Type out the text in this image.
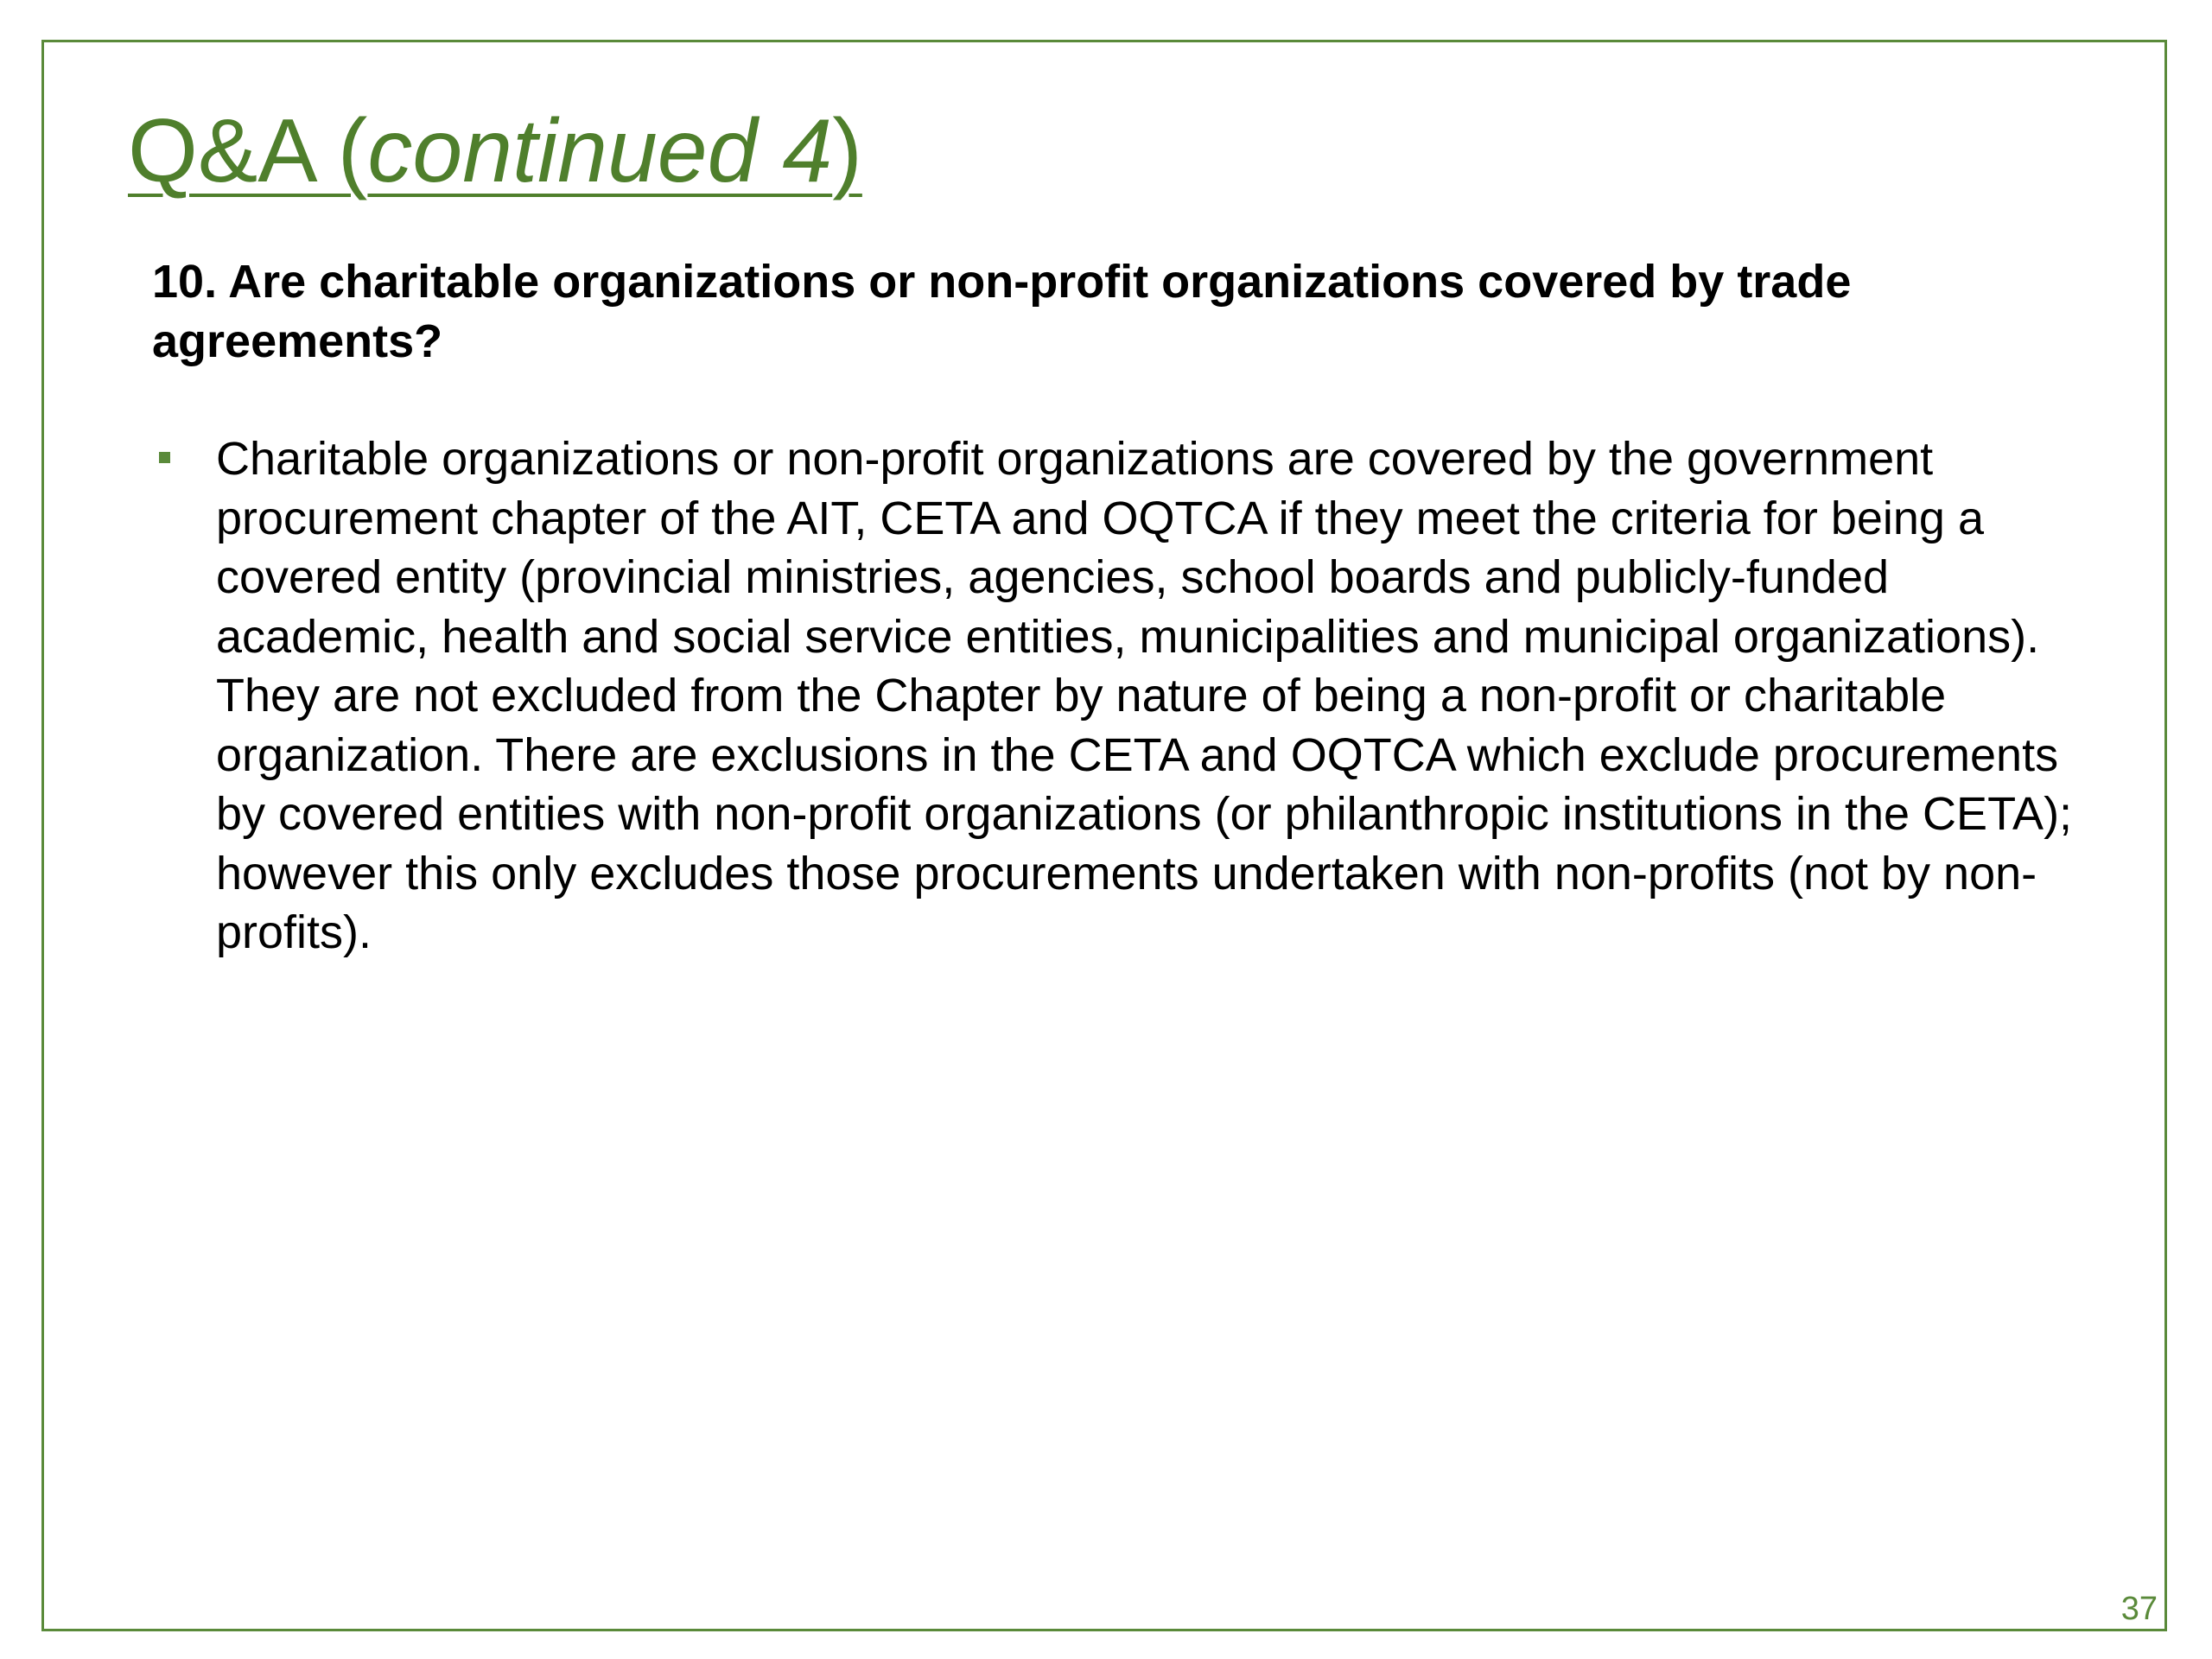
Q&A (continued 4)

10. Are charitable organizations or non-profit organizations covered by trade agreements?

Charitable organizations or non-profit organizations are covered by the government procurement chapter of the AIT, CETA and OQTCA if they meet the criteria for being a covered entity (provincial ministries, agencies, school boards and publicly-funded academic, health and social service entities, municipalities and municipal organizations). They are not excluded from the Chapter by nature of being a non-profit or charitable organization. There are exclusions in the CETA and OQTCA which exclude procurements by covered entities with non-profit organizations (or philanthropic institutions in the CETA); however this only excludes those procurements undertaken with non-profits (not by non-profits).
37
